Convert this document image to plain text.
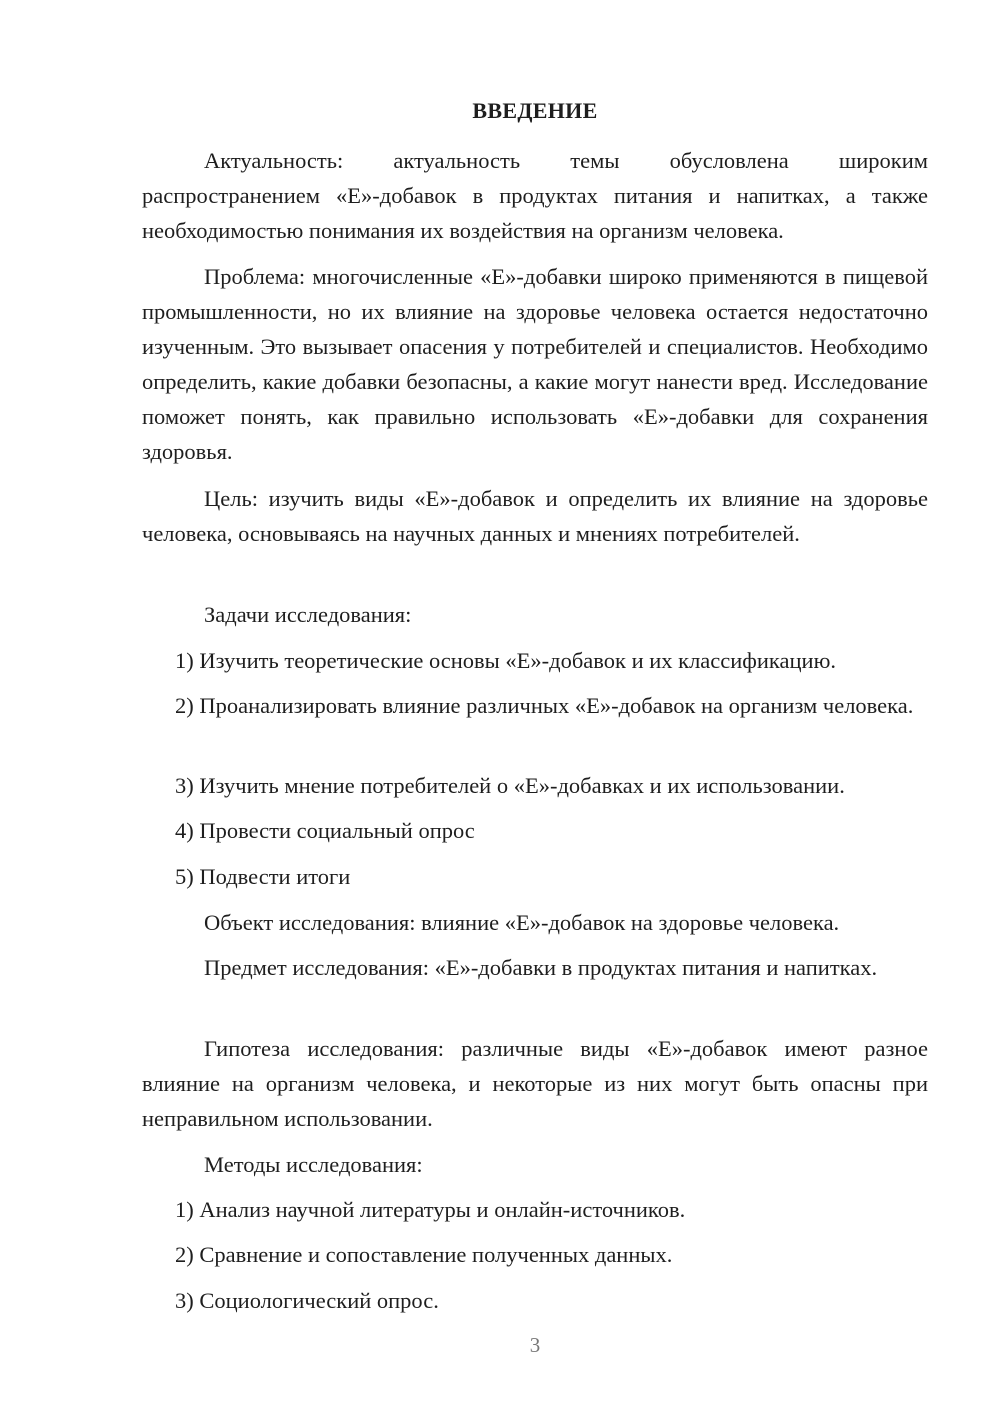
ВВЕДЕНИЕ

Актуальность: актуальность темы обусловлена широким распространением «Е»-добавок в продуктах питания и напитках, а также необходимостью понимания их воздействия на организм человека.

Проблема: многочисленные «Е»-добавки широко применяются в пищевой промышленности, но их влияние на здоровье человека остается недостаточно изученным. Это вызывает опасения у потребителей и специалистов. Необходимо определить, какие добавки безопасны, а какие могут нанести вред. Исследование поможет понять, как правильно использовать «Е»-добавки для сохранения здоровья.

Цель: изучить виды «Е»-добавок и определить их влияние на здоровье человека, основываясь на научных данных и мнениях потребителей.

Задачи исследования:

1) Изучить теоретические основы «Е»-добавок и их классификацию.

2) Проанализировать влияние различных «Е»-добавок на организм человека.

3) Изучить мнение потребителей о «Е»-добавках и их использовании.

4) Провести социальный опрос

5) Подвести итоги

Объект исследования: влияние «Е»-добавок на здоровье человека.

Предмет исследования: «Е»-добавки в продуктах питания и напитках.

Гипотеза исследования: различные виды «Е»-добавок имеют разное влияние на организм человека, и некоторые из них могут быть опасны при неправильном использовании.

Методы исследования:

1) Анализ научной литературы и онлайн-источников.

2) Сравнение и сопоставление полученных данных.

3) Социологический опрос.

3
